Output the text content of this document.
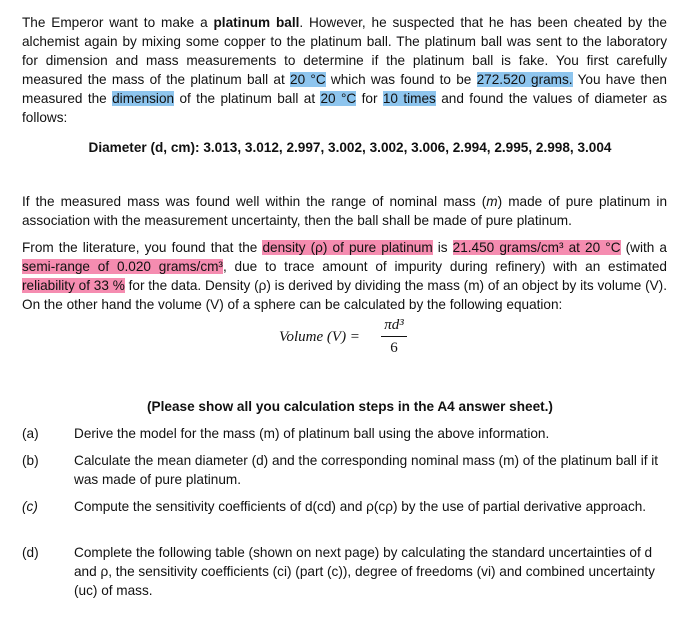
The Emperor want to make a platinum ball. However, he suspected that he has been cheated by the alchemist again by mixing some copper to the platinum ball. The platinum ball was sent to the laboratory for dimension and mass measurements to determine if the platinum ball is fake. You first carefully measured the mass of the platinum ball at 20 °C which was found to be 272.520 grams. You have then measured the dimension of the platinum ball at 20 °C for 10 times and found the values of diameter as follows:
Diameter (d, cm): 3.013, 3.012, 2.997, 3.002, 3.002, 3.006, 2.994, 2.995, 2.998, 3.004
If the measured mass was found well within the range of nominal mass (m) made of pure platinum in association with the measurement uncertainty, then the ball shall be made of pure platinum.
From the literature, you found that the density (ρ) of pure platinum is 21.450 grams/cm³ at 20 °C (with a semi-range of 0.020 grams/cm³, due to trace amount of impurity during refinery) with an estimated reliability of 33 % for the data. Density (ρ) is derived by dividing the mass (m) of an object by its volume (V). On the other hand the volume (V) of a sphere can be calculated by the following equation:
Volume (V) =
πd³
6
(Please show all you calculation steps in the A4 answer sheet.)
(a)	Derive the model for the mass (m) of platinum ball using the above information.
(b)	Calculate the mean diameter (d) and the corresponding nominal mass (m) of the platinum ball if it was made of pure platinum.
(c)	Compute the sensitivity coefficients of d(cd) and ρ(cρ) by the use of partial derivative approach.
(d)	Complete the following table (shown on next page) by calculating the standard uncertainties of d and ρ, the sensitivity coefficients (ci) (part (c)), degree of freedoms (vi) and combined uncertainty (uc) of mass.
